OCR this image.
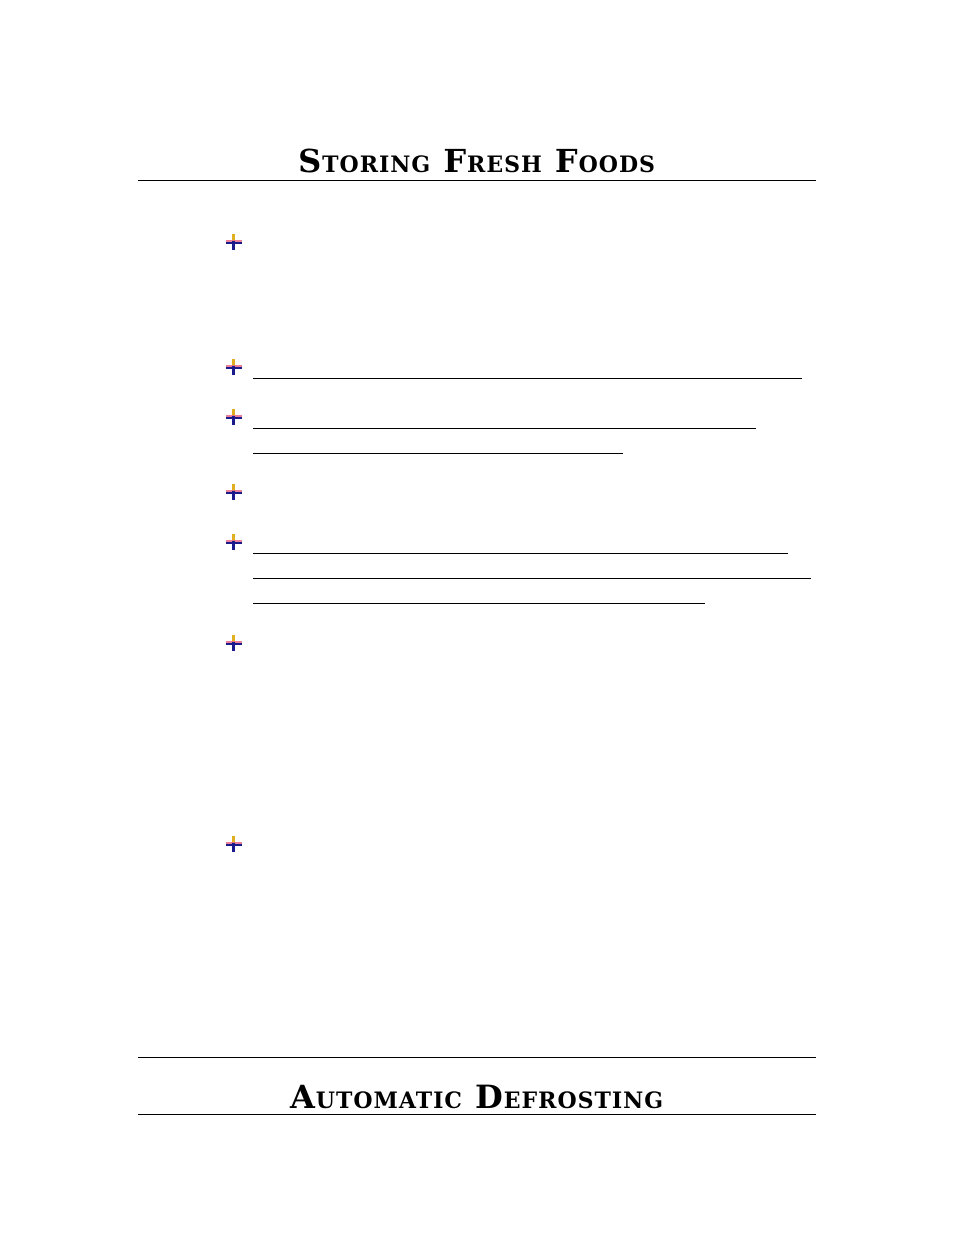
Storing Fresh Foods
Automatic Defrosting
